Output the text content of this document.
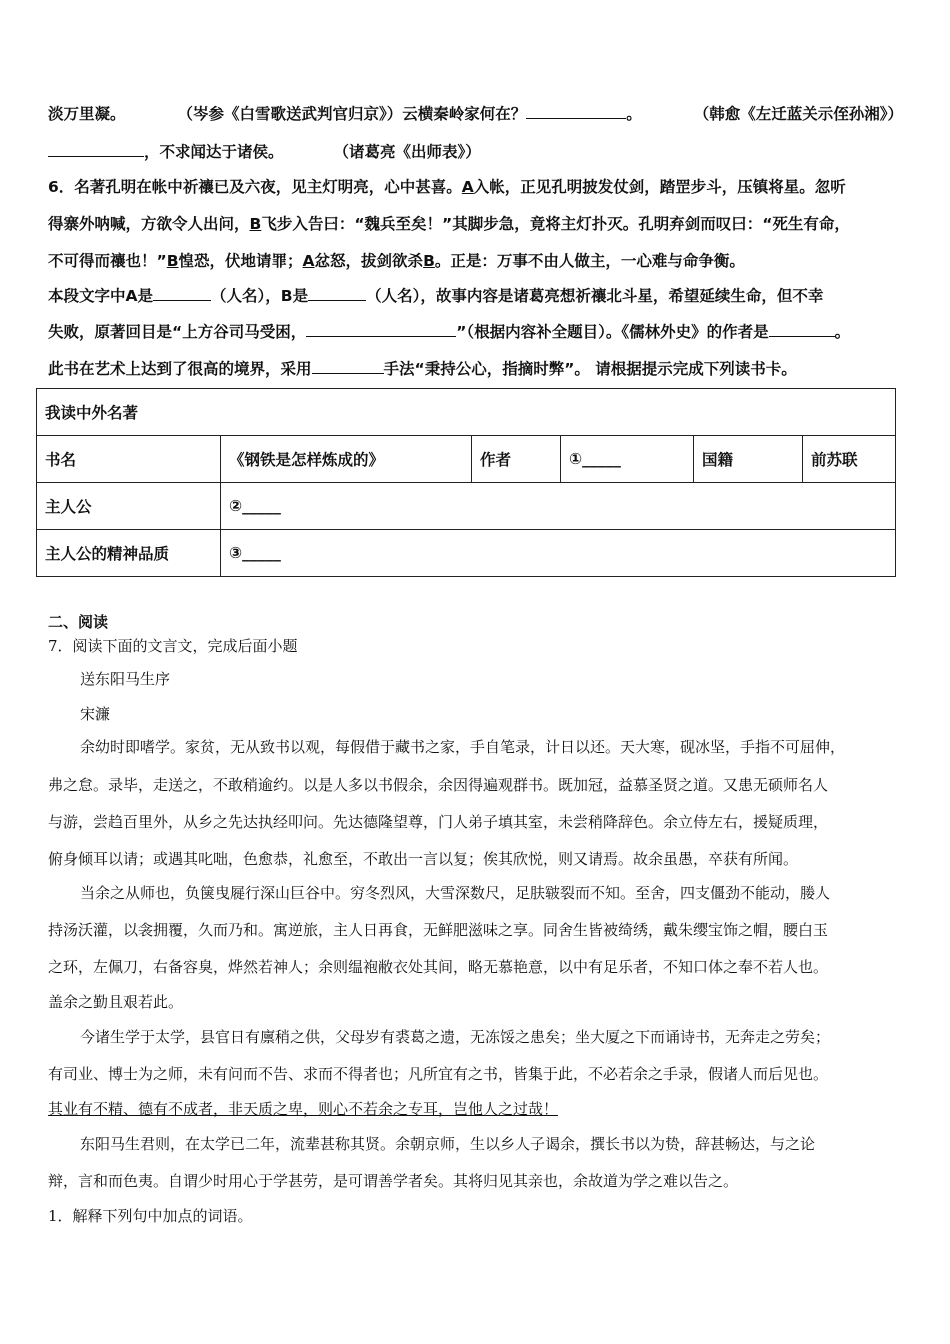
淡万里凝。	（岑参《白雪歌送武判官归京》）云横秦岭家何在？	。	（韩愈《左迁蓝关示侄孙湘》）
，不求闻达于诸侯。	（诸葛亮《出师表》）
6．名著孔明在帐中祈禳已及六夜，见主灯明亮，心中甚喜。A入帐，正见孔明披发仗剑，踏罡步斗，压镇将星。忽听
得寨外呐喊，方欲令人出问，B飞步入告曰：“魏兵至矣！”其脚步急，竟将主灯扑灭。孔明弃剑而叹曰：“死生有命，
不可得而禳也！”B惶恐，伏地请罪；A忿怒，拔剑欲杀B。正是：万事不由人做主，一心难与命争衡。
本段文字中A是	（人名），B是	（人名），故事内容是诸葛亮想祈禳北斗星，希望延续生命，但不幸
失败，原著回目是“上方谷司马受困，	”（根据内容补全题目）。《儒林外史》的作者是	。
此书在艺术上达到了很高的境界，采用	手法“秉持公心，指摘时弊”。 请根据提示完成下列读书卡。
我读中外名著					
书名	《钢铁是怎样炼成的》	作者	①_____	国籍	前苏联
主人公	②_____				
主人公的精神品质	③_____				
二、阅读
7．阅读下面的文言文，完成后面小题
送东阳马生序
宋濂
余幼时即嗜学。家贫，无从致书以观，每假借于藏书之家，手自笔录，计日以还。天大寒，砚冰坚，手指不可屈伸，
弗之怠。录毕，走送之，不敢稍逾约。以是人多以书假余，余因得遍观群书。既加冠，益慕圣贤之道。又患无硕师名人
与游，尝趋百里外，从乡之先达执经叩问。先达德隆望尊，门人弟子填其室，未尝稍降辞色。余立侍左右，援疑质理，
俯身倾耳以请；或遇其叱咄，色愈恭，礼愈至，不敢出一言以复；俟其欣悦，则又请焉。故余虽愚，卒获有所闻。
当余之从师也，负箧曳屣行深山巨谷中。穷冬烈风，大雪深数尺，足肤皲裂而不知。至舍，四支僵劲不能动，媵人
持汤沃灌，以衾拥覆，久而乃和。寓逆旅，主人日再食，无鲜肥滋味之享。同舍生皆被绮绣，戴朱缨宝饰之帽，腰白玉
之环，左佩刀，右备容臭，烨然若神人；余则缊袍敝衣处其间，略无慕艳意，以中有足乐者，不知口体之奉不若人也。
盖余之勤且艰若此。
今诸生学于太学，县官日有廪稍之供，父母岁有裘葛之遗，无冻馁之患矣；坐大厦之下而诵诗书，无奔走之劳矣；
有司业、博士为之师，未有问而不告、求而不得者也；凡所宜有之书，皆集于此，不必若余之手录，假诸人而后见也。
其业有不精、德有不成者，非天质之卑，则心不若余之专耳，岂他人之过哉！
东阳马生君则，在太学已二年，流辈甚称其贤。余朝京师，生以乡人子谒余，撰长书以为贽，辞甚畅达，与之论
辩，言和而色夷。自谓少时用心于学甚劳，是可谓善学者矣。其将归见其亲也，余故道为学之难以告之。
1．解释下列句中加点的词语。
